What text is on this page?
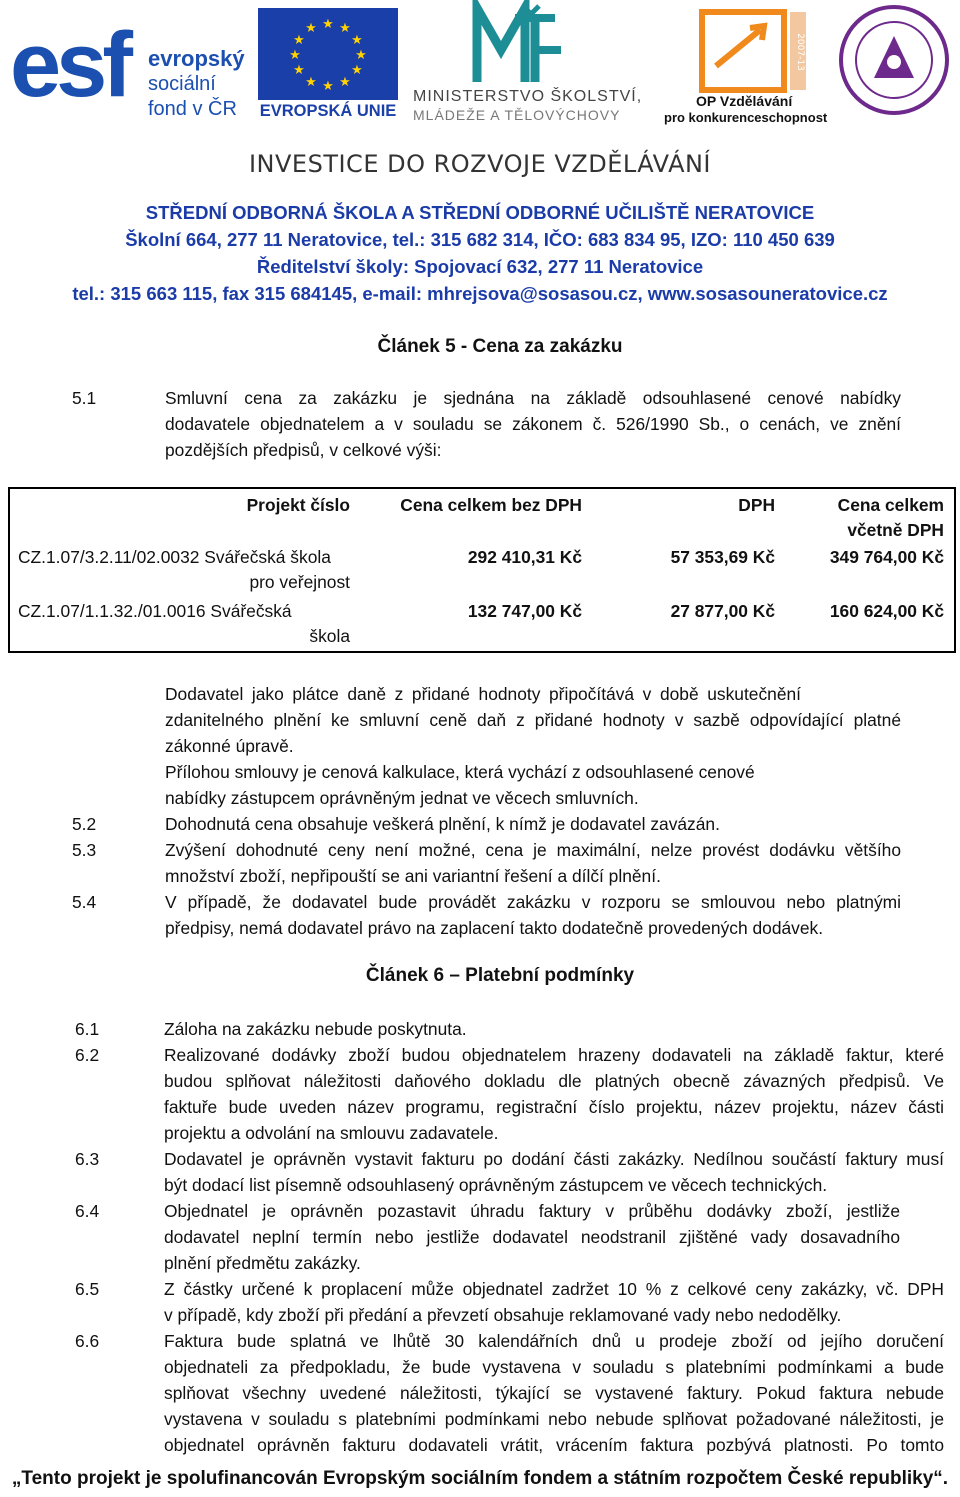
esf evropský
sociální
fond v ČR
★ ★
★
★
★
★
★
★
★
★
★
★
EVROPSKÁ UNIE
MINISTERSTVO ŠKOLSTVÍ,
MLÁDEŽE A TĚLOVÝCHOVY
2007-13
OP Vzdělávání
pro konkurenceschopnost
INVESTICE DO ROZVOJE VZDĚLÁVÁNÍ
STŘEDNÍ ODBORNÁ ŠKOLA A STŘEDNÍ ODBORNÉ UČILIŠTĚ NERATOVICE
Školní 664, 277 11 Neratovice, tel.: 315 682 314, IČO: 683 834 95, IZO: 110 450 639
Ředitelství školy: Spojovací 632, 277 11 Neratovice
tel.: 315 663 115, fax 315 684145, e-mail: mhrejsova@sosasou.cz, www.sosasouneratovice.cz
Článek 5 - Cena za zakázku
5.1	Smluvní cena za zakázku je sjednána na základě odsouhlasené cenové nabídky
dodavatele objednatelem a v souladu se zákonem č. 526/1990 Sb., o cenách, ve znění
pozdějších předpisů, v celkové výši:
Projekt číslo	Cena celkem bez DPH	DPH	Cena celkem
včetně DPH

CZ.1.07/3.2.11/02.0032 Svářečská škola
pro veřejnost	292 410,31 Kč	57 353,69 Kč	349 764,00 Kč

CZ.1.07/1.1.32./01.0016 Svářečská
škola	132 747,00 Kč	27 877,00 Kč	160 624,00 Kč
Dodavatel jako plátce daně z přidané hodnoty připočítává v době uskutečnění
zdanitelného plnění ke smluvní ceně daň z přidané hodnoty v sazbě odpovídající platné
zákonné úpravě.
Přílohou smlouvy je cenová kalkulace, která vychází z odsouhlasené cenové
nabídky zástupcem oprávněným jednat ve věcech smluvních.
5.2	Dohodnutá cena obsahuje veškerá plnění, k nímž je dodavatel zavázán.
5.3	Zvýšení dohodnuté ceny není možné, cena je maximální, nelze provést dodávku většího
množství zboží, nepřipouští se ani variantní řešení a dílčí plnění.
5.4	V případě, že dodavatel bude provádět zakázku v rozporu se smlouvou nebo platnými
předpisy, nemá dodavatel právo na zaplacení takto dodatečně provedených dodávek.
Článek 6 – Platební podmínky
6.1	Záloha na zakázku nebude poskytnuta.
6.2	Realizované dodávky zboží budou objednatelem hrazeny dodavateli na základě faktur, které
budou splňovat náležitosti daňového dokladu dle platných obecně závazných předpisů. Ve
faktuře bude uveden název programu, registrační číslo projektu, název projektu, název části
projektu a odvolání na smlouvu zadavatele.
6.3	Dodavatel je oprávněn vystavit fakturu po dodání části zakázky. Nedílnou součástí faktury musí
být dodací list písemně odsouhlasený oprávněným zástupcem ve věcech technických.
6.4	Objednatel je oprávněn pozastavit úhradu faktury v průběhu dodávky zboží, jestliže
dodavatel neplní termín nebo jestliže dodavatel neodstranil zjištěné vady dosavadního
plnění předmětu zakázky.
6.5	Z částky určené k proplacení může objednatel zadržet 10 % z celkové ceny zakázky, vč. DPH
v případě, kdy zboží při předání a převzetí obsahuje reklamované vady nebo nedodělky.
6.6	Faktura bude splatná ve lhůtě 30 kalendářních dnů u prodeje zboží od jejího doručení
objednateli za předpokladu, že bude vystavena v souladu s platebními podmínkami a bude
splňovat všechny uvedené náležitosti, týkající se vystavené faktury. Pokud faktura nebude
vystavena v souladu s platebními podmínkami nebo nebude splňovat požadované náležitosti, je
objednatel oprávněn fakturu dodavateli vrátit, vrácením faktura pozbývá platnosti. Po tomto
„Tento projekt je spolufinancován Evropským sociálním fondem a státním rozpočtem České republiky“.
